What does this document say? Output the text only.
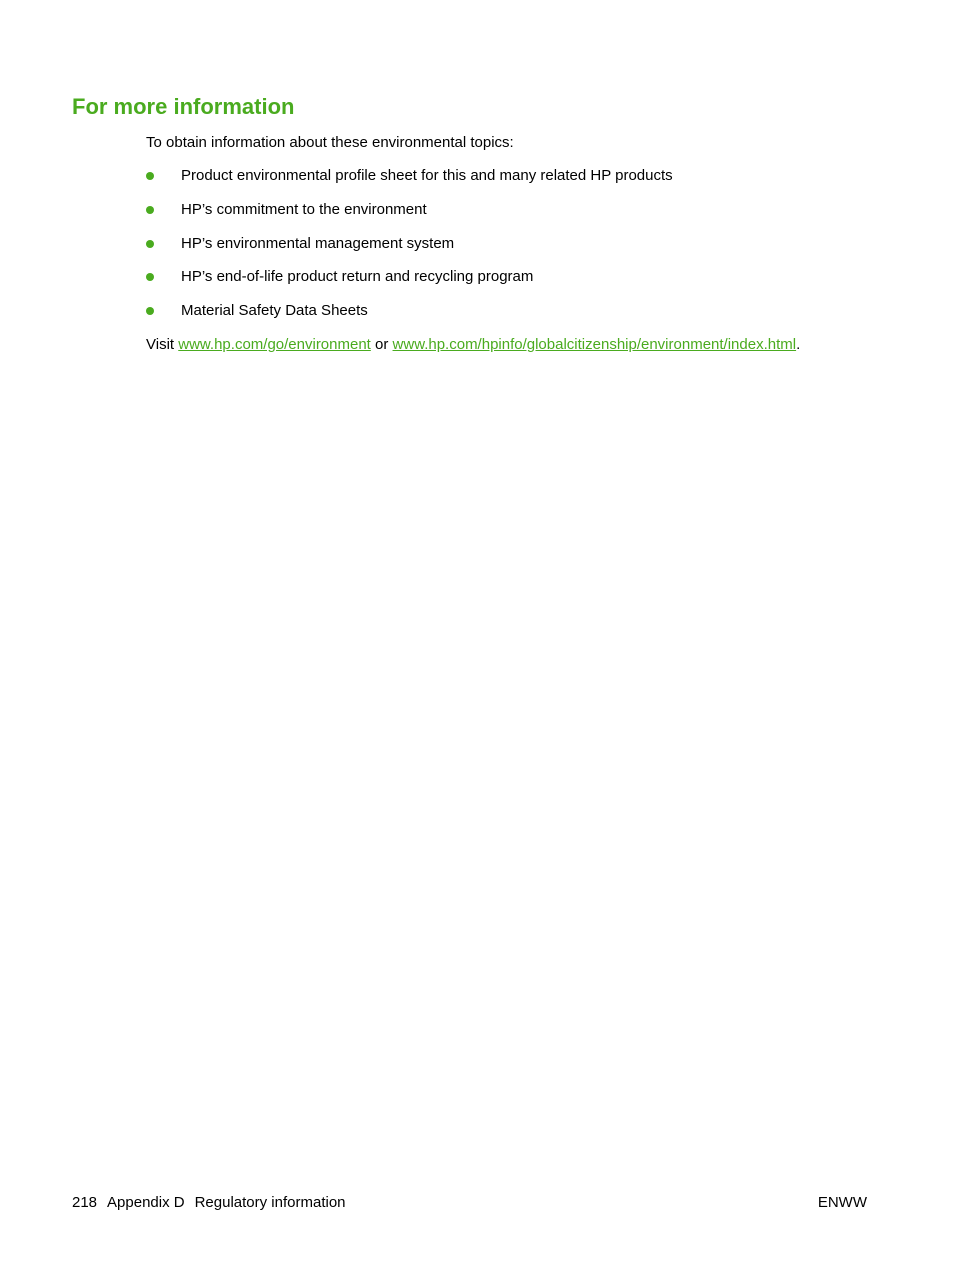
For more information

To obtain information about these environmental topics:

Product environmental profile sheet for this and many related HP products
HP’s commitment to the environment
HP’s environmental management system
HP’s end-of-life product return and recycling program
Material Safety Data Sheets

Visit www.hp.com/go/environment or www.hp.com/hpinfo/globalcitizenship/environment/index.html.

218 Appendix D Regulatory information	ENWW
